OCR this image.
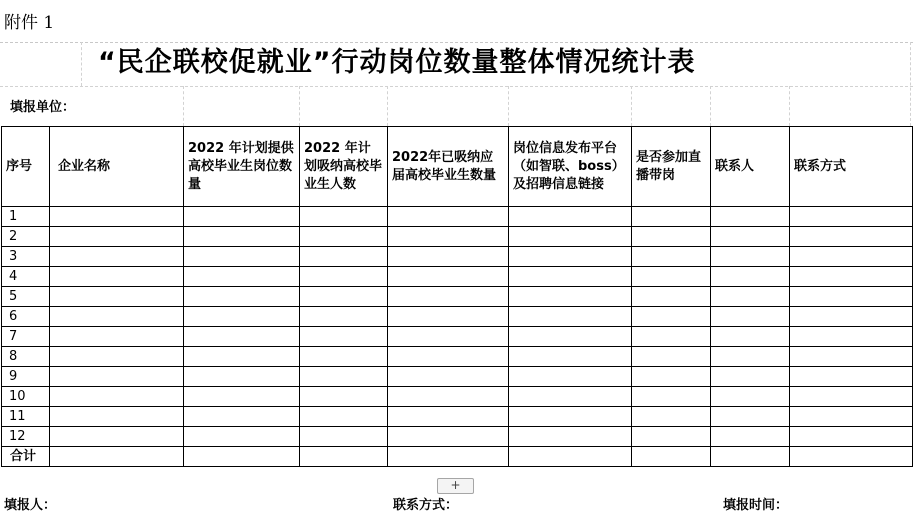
附件 1
“民企联校促就业”行动岗位数量整体情况统计表
填报单位：
序号	企业名称	2022 年计划提供高校毕业生岗位数量	2022 年计划吸纳高校毕业生人数	2022年已吸纳应届高校毕业生数量	岗位信息发布平台（如智联、boss）及招聘信息链接	是否参加直播带岗	联系人	联系方式
1								
2								
3								
4								
5								
6								
7								
8								
9								
10								
11								
12								
合计								
+
填报人：	联系方式：	填报时间：
